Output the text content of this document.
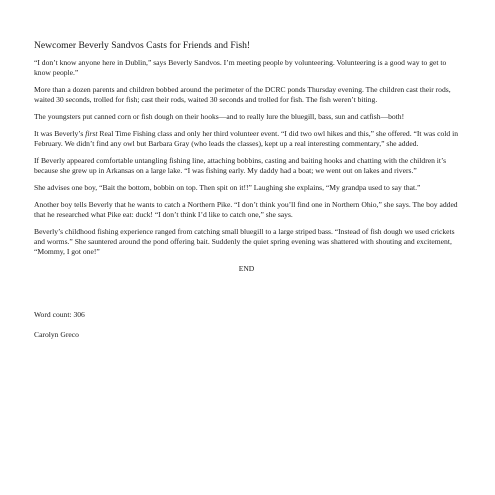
Newcomer Beverly Sandvos Casts for Friends and Fish!

“I don’t know anyone here in Dublin,” says Beverly Sandvos. I’m meeting people by volunteering. Volunteering is a good way to get to know people.”

More than a dozen parents and children bobbed around the perimeter of the DCRC ponds Thursday evening. The children cast their rods, waited 30 seconds, trolled for fish; cast their rods, waited 30 seconds and trolled for fish. The fish weren’t biting.

The youngsters put canned corn or fish dough on their hooks—and to really lure the bluegill, bass, sun and catfish—both!

It was Beverly’s first Real Time Fishing class and only her third volunteer event. “I did two owl hikes and this,” she offered. “It was cold in February. We didn’t find any owl but Barbara Gray (who leads the classes), kept up a real interesting commentary,” she added.

If Beverly appeared comfortable untangling fishing line, attaching bobbins, casting and baiting hooks and chatting with the children it’s because she grew up in Arkansas on a large lake. “I was fishing early. My daddy had a boat; we went out on lakes and rivers.”

She advises one boy, “Bait the bottom, bobbin on top. Then spit on it!!” Laughing she explains, “My grandpa used to say that.”

Another boy tells Beverly that he wants to catch a Northern Pike. “I don’t think you’ll find one in Northern Ohio,” she says. The boy added that he researched what Pike eat: duck! “I don’t think I’d like to catch one,” she says.

Beverly’s childhood fishing experience ranged from catching small bluegill to a large striped bass. “Instead of fish dough we used crickets and worms.” She sauntered around the pond offering bait. Suddenly the quiet spring evening was shattered with shouting and excitement, “Mommy, I got one!”

END
Word count: 306
Carolyn Greco
